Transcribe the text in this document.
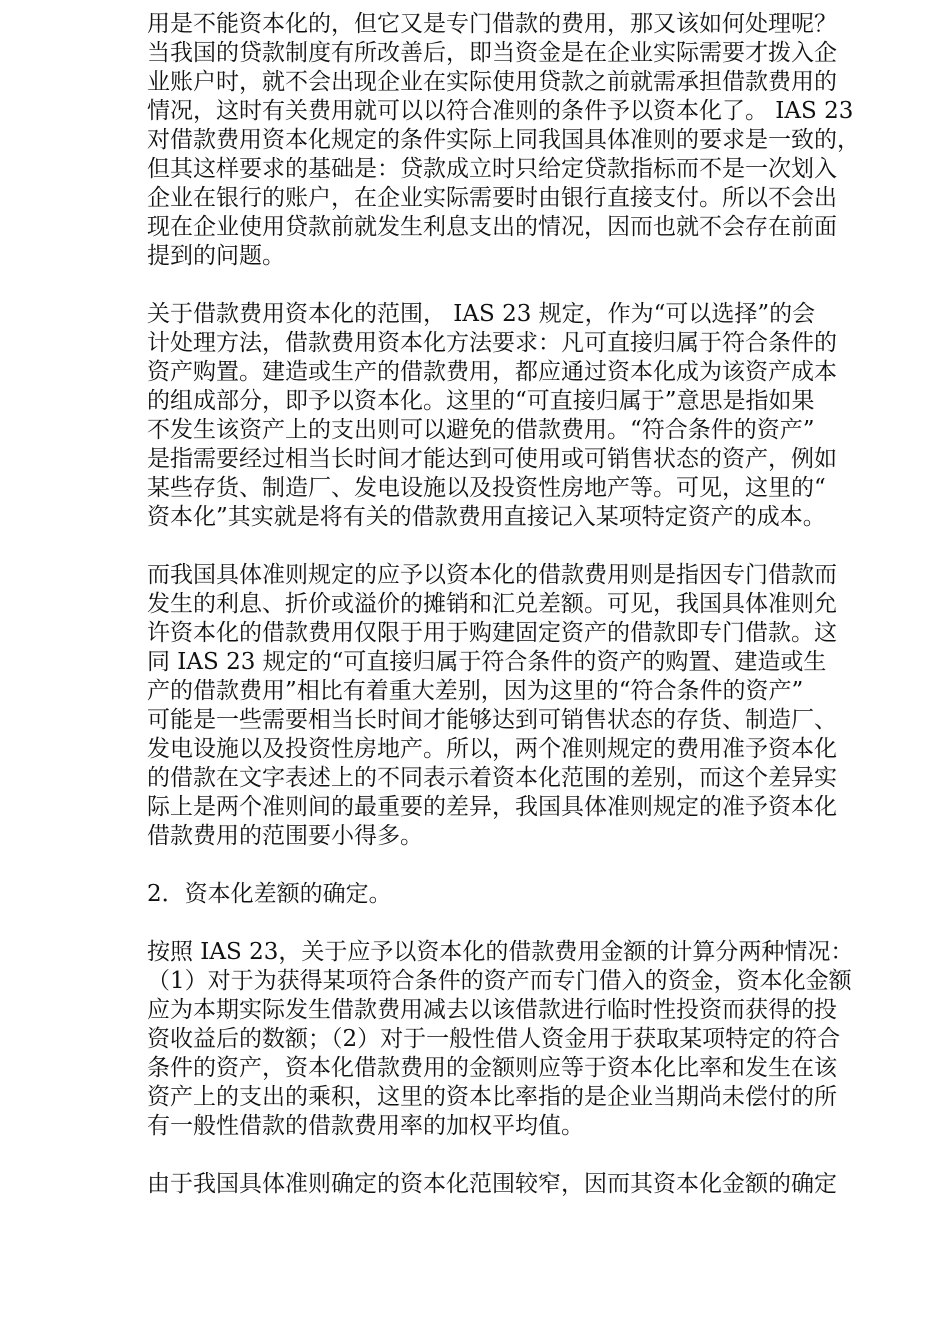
用是不能资本化的，但它又是专门借款的费用，那又该如何处理呢？
当我国的贷款制度有所改善后，即当资金是在企业实际需要才拨入企
业账户时，就不会出现企业在实际使用贷款之前就需承担借款费用的
情况，这时有关费用就可以以符合准则的条件予以资本化了。 IAS 23
对借款费用资本化规定的条件实际上同我国具体准则的要求是一致的，
但其这样要求的基础是：贷款成立时只给定贷款指标而不是一次划入
企业在银行的账户，在企业实际需要时由银行直接支付。所以不会出
现在企业使用贷款前就发生利息支出的情况，因而也就不会存在前面
提到的问题。

关于借款费用资本化的范围， IAS 23 规定，作为“可以选择”的会
计处理方法，借款费用资本化方法要求：凡可直接归属于符合条件的
资产购置。建造或生产的借款费用，都应通过资本化成为该资产成本
的组成部分，即予以资本化。这里的“可直接归属于”意思是指如果
不发生该资产上的支出则可以避免的借款费用。“符合条件的资产”
是指需要经过相当长时间才能达到可使用或可销售状态的资产，例如
某些存货、制造厂、发电设施以及投资性房地产等。可见，这里的“
资本化”其实就是将有关的借款费用直接记入某项特定资产的成本。

而我国具体准则规定的应予以资本化的借款费用则是指因专门借款而
发生的利息、折价或溢价的摊销和汇兑差额。可见，我国具体准则允
许资本化的借款费用仅限于用于购建固定资产的借款即专门借款。这
同 IAS 23 规定的“可直接归属于符合条件的资产的购置、建造或生
产的借款费用”相比有着重大差别，因为这里的“符合条件的资产”
可能是一些需要相当长时间才能够达到可销售状态的存货、制造厂、
发电设施以及投资性房地产。所以，两个准则规定的费用准予资本化
的借款在文字表述上的不同表示着资本化范围的差别，而这个差异实
际上是两个准则间的最重要的差异，我国具体准则规定的准予资本化
借款费用的范围要小得多。

2．资本化差额的确定。

按照 IAS 23，关于应予以资本化的借款费用金额的计算分两种情况：
（1）对于为获得某项符合条件的资产而专门借入的资金，资本化金额
应为本期实际发生借款费用减去以该借款进行临时性投资而获得的投
资收益后的数额；（2）对于一般性借人资金用于获取某项特定的符合
条件的资产，资本化借款费用的金额则应等于资本化比率和发生在该
资产上的支出的乘积，这里的资本比率指的是企业当期尚未偿付的所
有一般性借款的借款费用率的加权平均值。

由于我国具体准则确定的资本化范围较窄，因而其资本化金额的确定
